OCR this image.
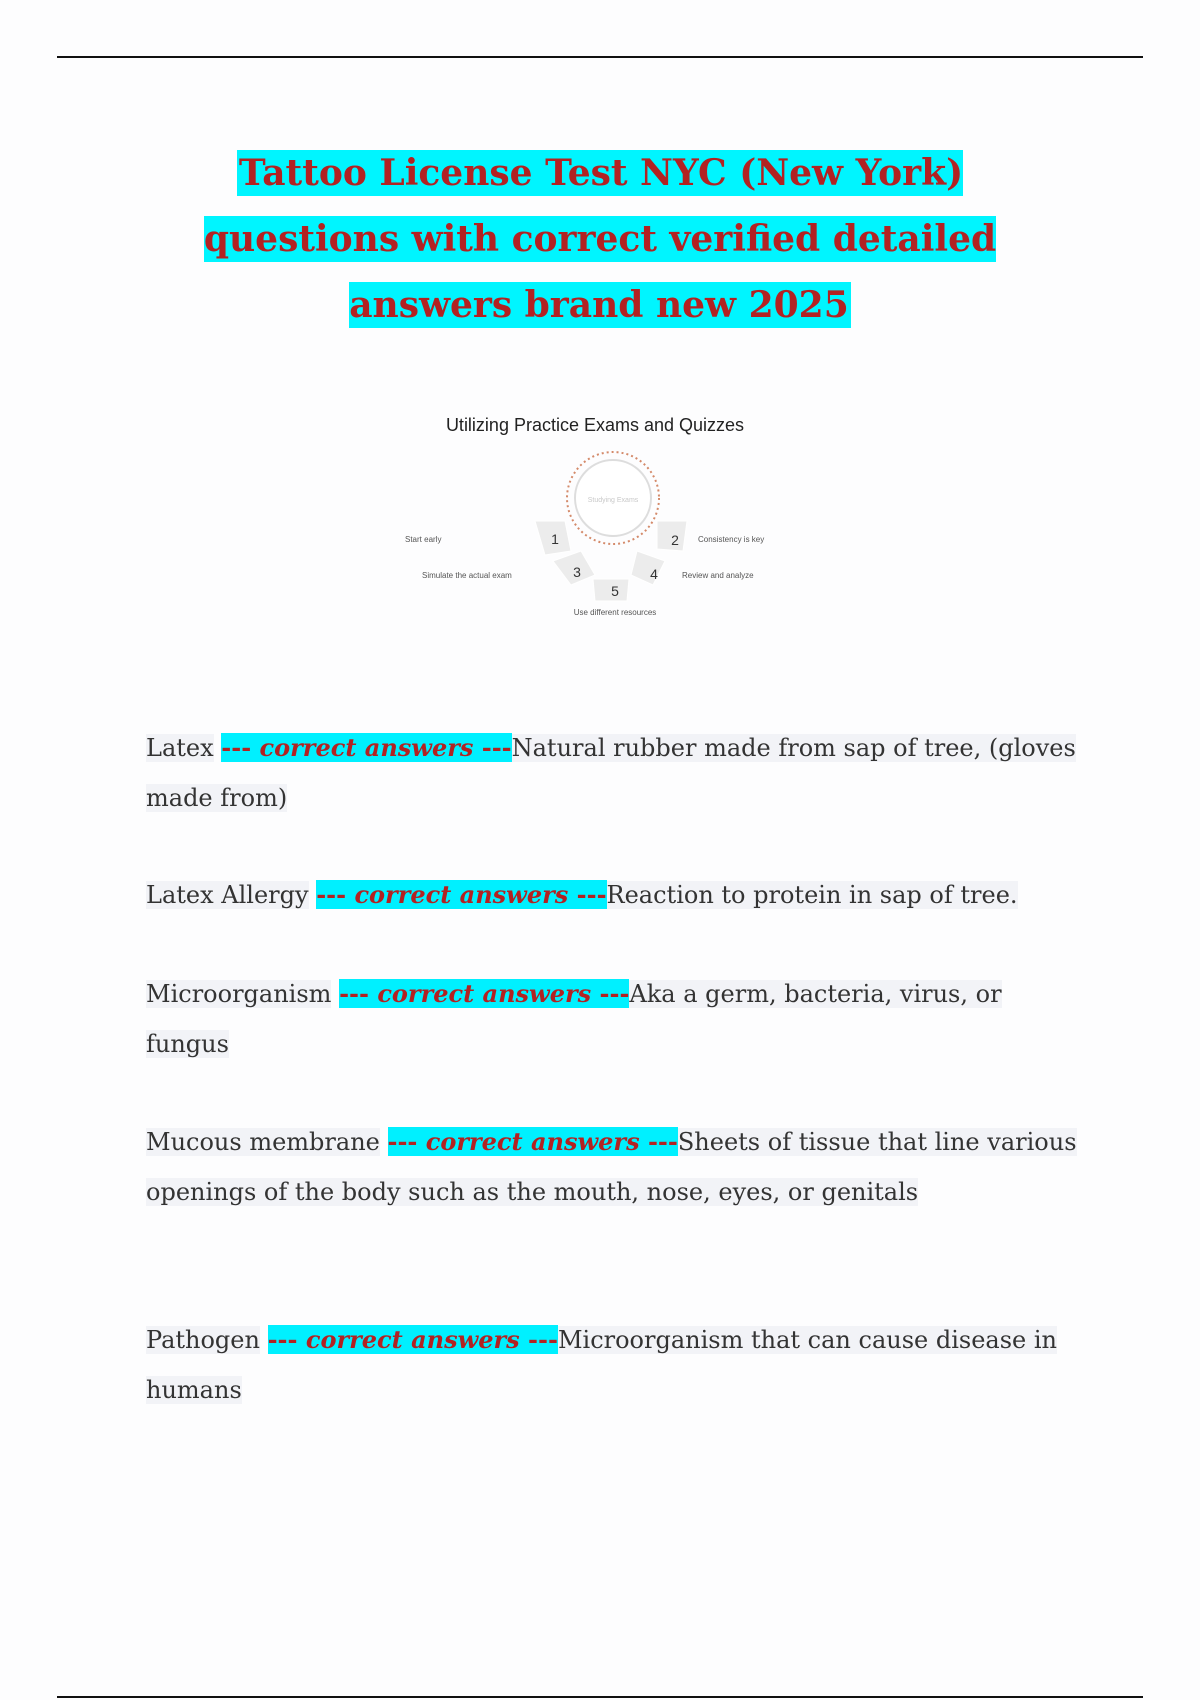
Tattoo License Test NYC (New York) questions with correct verified detailed answers brand new 2025
Utilizing Practice Exams and Quizzes
Studying Exams
1	2
3	4
5
Start early	Consistency is key
Simulate the actual exam	Review and analyze
Use different resources
Latex --- correct answers ---Natural rubber made from sap of tree, (gloves made from)
Latex Allergy --- correct answers ---Reaction to protein in sap of tree.
Microorganism --- correct answers ---Aka a germ, bacteria, virus, or fungus
Mucous membrane --- correct answers ---Sheets of tissue that line various openings of the body such as the mouth, nose, eyes, or genitals
Pathogen --- correct answers ---Microorganism that can cause disease in humans
